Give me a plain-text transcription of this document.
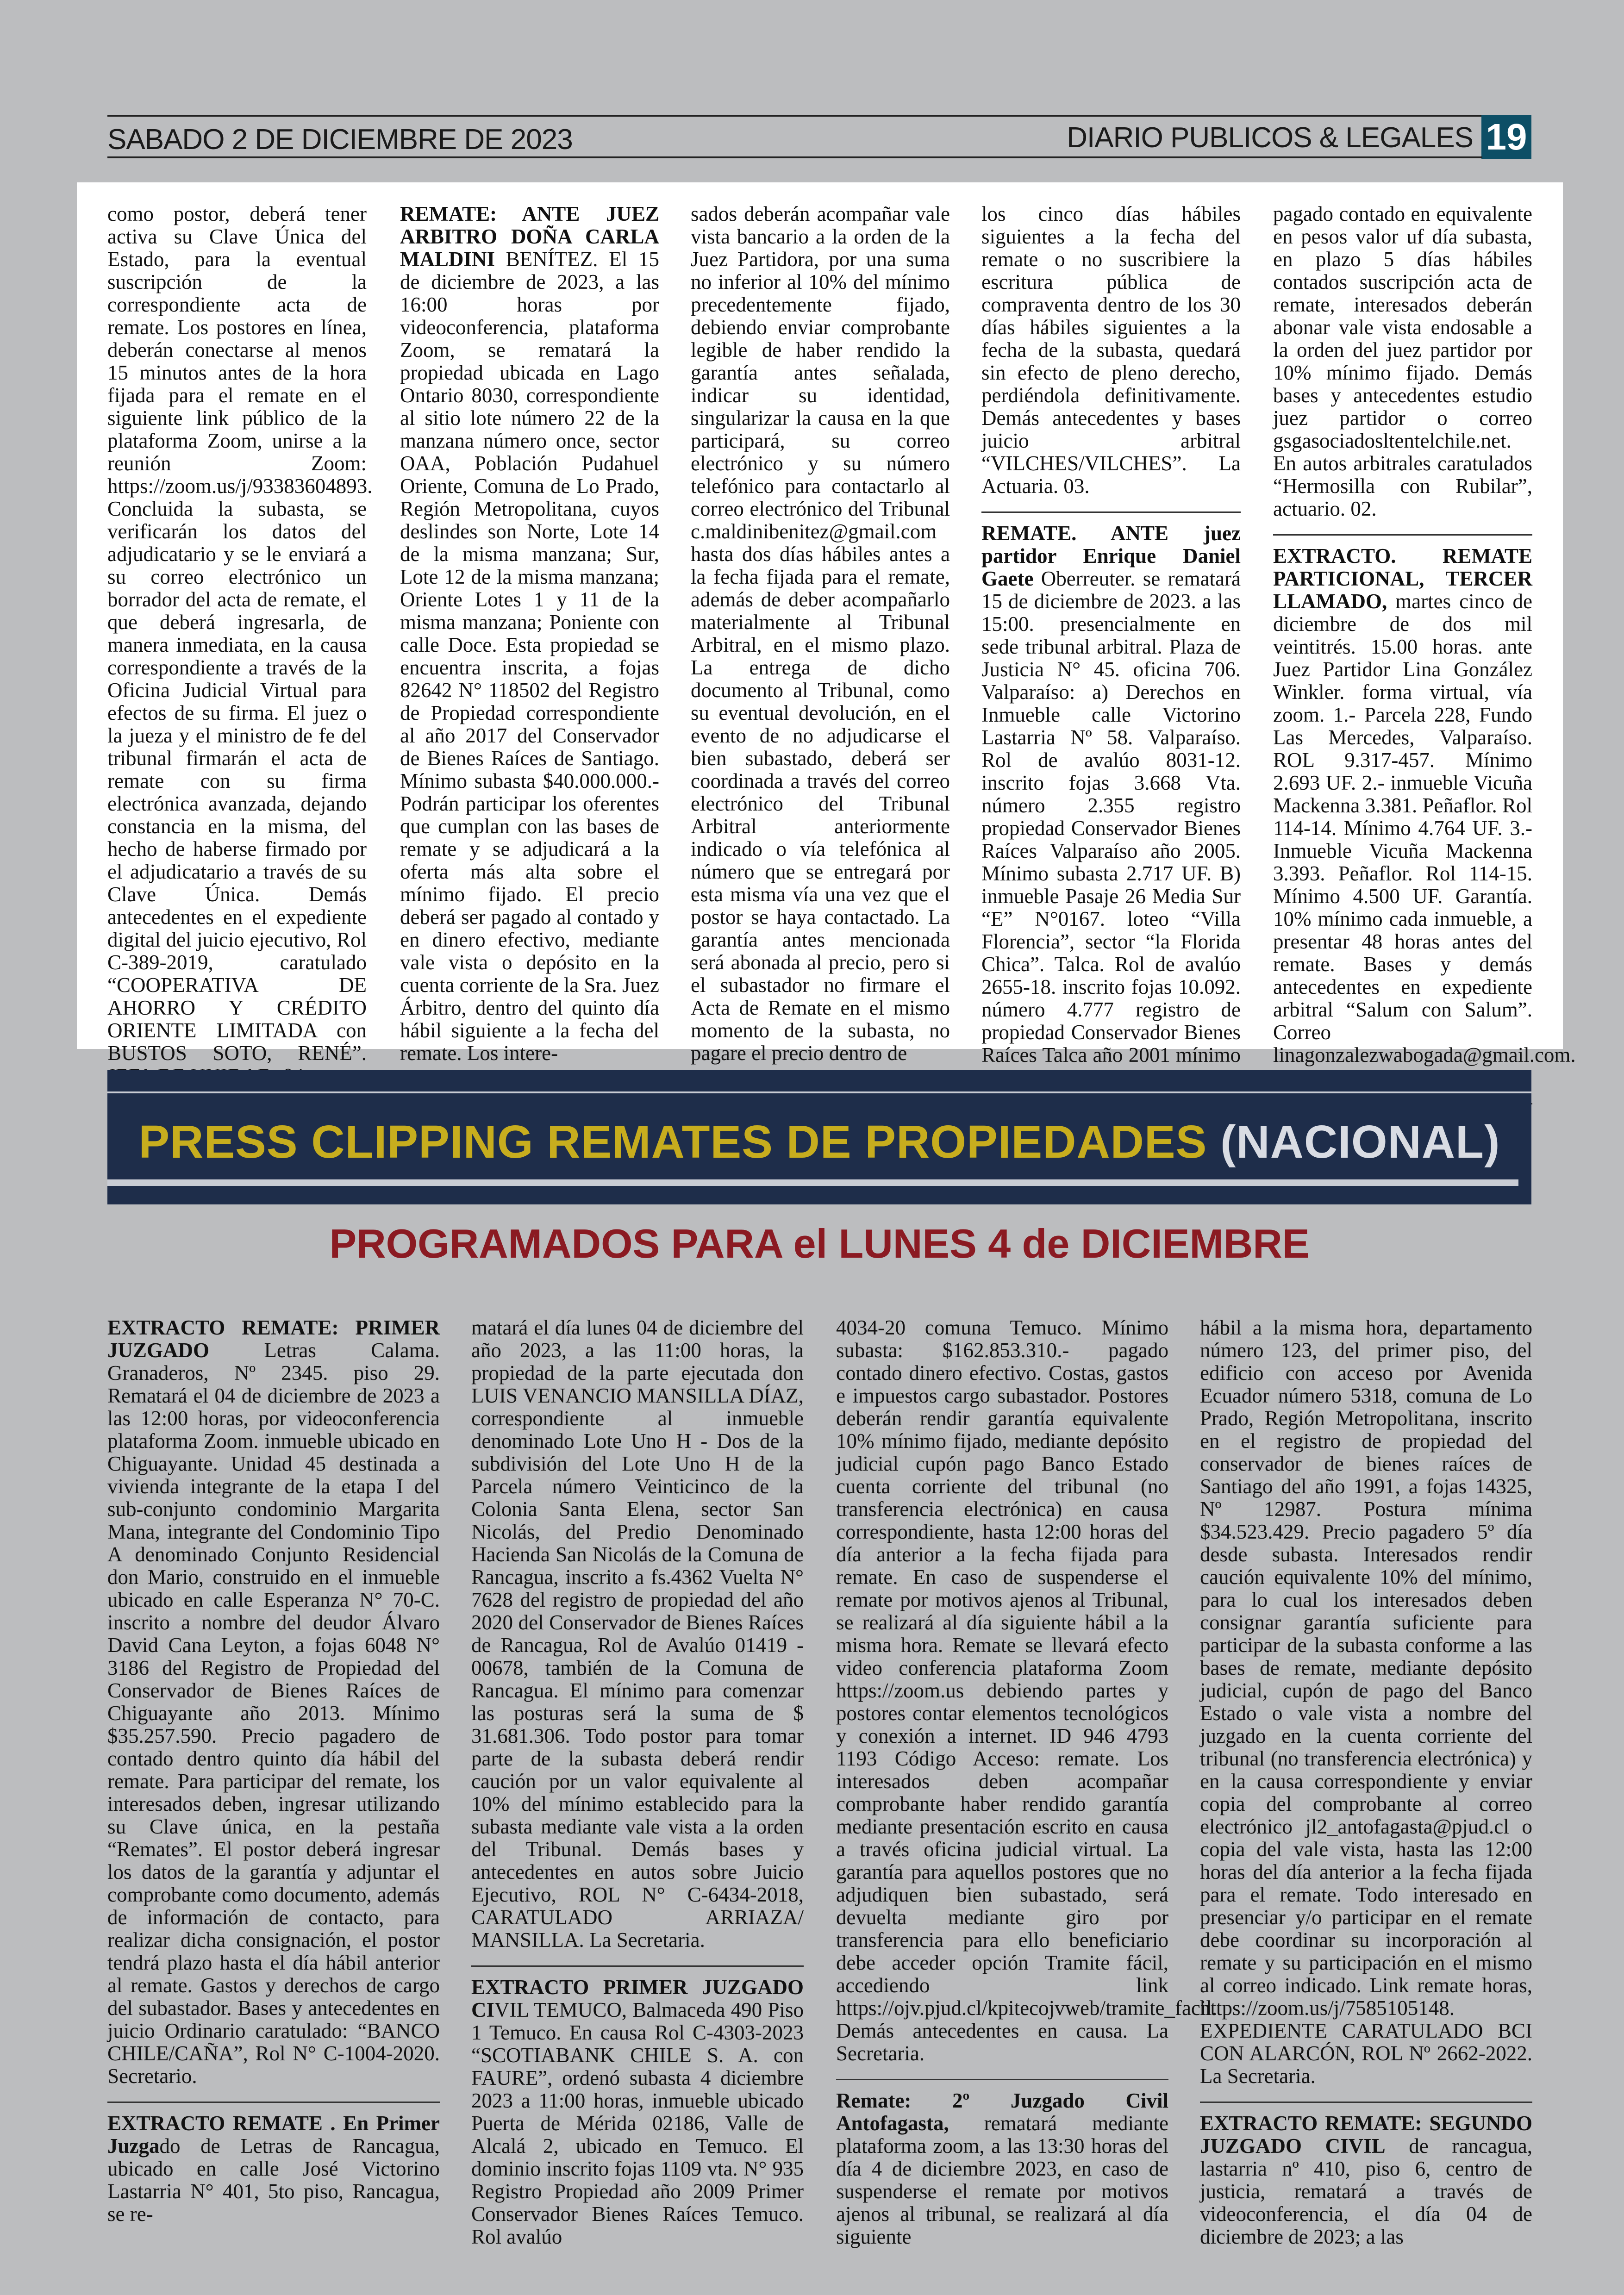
SABADO 2 DE DICIEMBRE DE 2023	DIARIO PUBLICOS & LEGALES 19

como postor, deberá tener activa su Clave Única del Estado, para la eventual suscripción de la correspondiente acta de remate. Los postores en línea, deberán conectarse al menos 15 minutos antes de la hora fijada para el remate en el siguiente link público de la plataforma Zoom, unirse a la reunión Zoom: https://zoom.us/j/93383604893. Concluida la subasta, se verificarán los datos del adjudicatario y se le enviará a su correo electrónico un borrador del acta de remate, el que deberá ingresarla, de manera inmediata, en la causa correspondiente a través de la Oficina Judicial Virtual para efectos de su firma. El juez o la jueza y el ministro de fe del tribunal firmarán el acta de remate con su firma electrónica avanzada, dejando constancia en la misma, del hecho de haberse firmado por el adjudicatario a través de su Clave Única. Demás antecedentes en el expediente digital del juicio ejecutivo, Rol C-389-2019, caratulado “COOPERATIVA DE AHORRO Y CRÉDITO ORIENTE LIMITADA con BUSTOS SOTO, RENÉ”.

REMATE: ANTE JUEZ ARBITRO DOÑA CARLA MALDINI BENÍTEZ. El 15 de diciembre de 2023, a las 16:00 horas por videoconferencia, plataforma Zoom, se rematará la propiedad ubicada en Lago Ontario 8030, correspondiente al sitio lote número 22 de la manzana número once, sector OAA, Población Pudahuel Oriente, Comuna de Lo Prado, Región Metropolitana, cuyos deslindes son Norte, Lote 14 de la misma manzana; Sur, Lote 12 de la misma manzana; Oriente Lotes 1 y 11 de la misma manzana; Poniente con calle Doce. Esta propiedad se encuentra inscrita, a fojas 82642 N° 118502 del Registro de Propiedad correspondiente al año 2017 del Conservador de Bienes Raíces de Santiago. Mínimo subasta $40.000.000.- Podrán participar los oferentes que cumplan con las bases de remate y se adjudicará a la oferta más alta sobre el mínimo fijado. El precio deberá ser pagado al contado y en dinero efectivo, mediante vale vista o depósito en la cuenta corriente de la Sra. Juez Árbitro, dentro del quinto día hábil siguiente a la fecha del remate. Los intere-

sados deberán acompañar vale vista bancario a la orden de la Juez Partidora, por una suma no inferior al 10% del mínimo precedentemente fijado, debiendo enviar comprobante legible de haber rendido la garantía antes señalada, indicar su identidad, singularizar la causa en la que participará, su correo electrónico y su número telefónico para contactarlo al correo electrónico del Tribunal c.maldinibenitez@gmail.com hasta dos días hábiles antes a la fecha fijada para el remate, además de deber acompañarlo materialmente al Tribunal Arbitral, en el mismo plazo. La entrega de dicho documento al Tribunal, como su eventual devolución, en el evento de no adjudicarse el bien subastado, deberá ser coordinada a través del correo electrónico del Tribunal Arbitral anteriormente indicado o vía telefónica al número que se entregará por esta misma vía una vez que el postor se haya contactado. La garantía antes mencionada será abonada al precio, pero si el subastador no firmare el Acta de Remate en el mismo momento de la subasta, no pagare el precio dentro de

los cinco días hábiles siguientes a la fecha del remate o no suscribiere la escritura pública de compraventa dentro de los 30 días hábiles siguientes a la fecha de la subasta, quedará sin efecto de pleno derecho, perdiéndola definitivamente. Demás antecedentes y bases juicio arbitral “VILCHES/VILCHES”. La Actuaria. 03.

REMATE. ANTE juez partidor Enrique Daniel Gaete Oberreuter. se rematará 15 de diciembre de 2023. a las 15:00. presencialmente en sede tribunal arbitral. Plaza de Justicia N° 45. oficina 706. Valparaíso: a) Derechos en Inmueble calle Victorino Lastarria Nº 58. Valparaíso. Rol de avalúo 8031-12. inscrito fojas 3.668 Vta. número 2.355 registro propiedad Conservador Bienes Raíces Valparaíso año 2005. Mínimo subasta 2.717 UF. B) inmueble Pasaje 26 Media Sur “E” N°0167. loteo “Villa Florencia”, sector “la Florida Chica”. Talca. Rol de avalúo 2655-18. inscrito fojas 10.092. número 4.777 registro de propiedad Conservador Bienes Raíces Talca año 2001 mínimo

pagado contado en equivalente en pesos valor uf día subasta, en plazo 5 días hábiles contados suscripción acta de remate, interesados deberán abonar vale vista endosable a la orden del juez partidor por 10% mínimo fijado. Demás bases y antecedentes estudio juez partidor o correo gsgasociadosltentelchile.net. En autos arbitrales caratulados “Hermosilla con Rubilar”, actuario. 02.

EXTRACTO. REMATE PARTICIONAL, TERCER LLAMADO, martes cinco de diciembre de dos mil veintitrés. 15.00 horas. ante Juez Partidor Lina González Winkler. forma virtual, vía zoom. 1.- Parcela 228, Fundo Las Mercedes, Valparaíso. ROL 9.317-457. Mínimo 2.693 UF. 2.- inmueble Vicuña Mackenna 3.381. Peñaflor. Rol 114-14. Mínimo 4.764 UF. 3.- Inmueble Vicuña Mackenna 3.393. Peñaflor. Rol 114-15. Mínimo 4.500 UF. Garantía. 10% mínimo cada inmueble, a presentar 48 horas antes del remate. Bases y demás antecedentes en expediente arbitral “Salum con Salum”. Correo linagonzalezwabogada@gmail.com.

PRESS CLIPPING REMATES DE PROPIEDADES (NACIONAL)
PROGRAMADOS PARA el LUNES 4 de DICIEMBRE

EXTRACTO REMATE: PRIMER JUZGADO Letras Calama. Granaderos, Nº 2345. piso 29. Rematará el 04 de diciembre de 2023 a las 12:00 horas, por videoconferencia plataforma Zoom. inmueble ubicado en Chiguayante. Unidad 45 destinada a vivienda integrante de la etapa I del sub-conjunto condominio Margarita Mana, integrante del Condominio Tipo A denominado Conjunto Residencial don Mario, construido en el inmueble ubicado en calle Esperanza N° 70-C. inscrito a nombre del deudor Álvaro David Cana Leyton, a fojas 6048 N° 3186 del Registro de Propiedad del Conservador de Bienes Raíces de Chiguayante año 2013. Mínimo $35.257.590. Precio pagadero de contado dentro quinto día hábil del remate. Para participar del remate, los interesados deben, ingresar utilizando su Clave única, en la pestaña “Remates”. El postor deberá ingresar los datos de la garantía y adjuntar el comprobante como documento, además de información de contacto, para realizar dicha consignación, el postor tendrá plazo hasta el día hábil anterior al remate. Gastos y derechos de cargo del subastador. Bases y antecedentes en juicio Ordinario caratulado: “BANCO CHILE/CAÑA”, Rol N° C-1004-2020. Secretario.

EXTRACTO REMATE . En Primer Juzgado de Letras de Rancagua, ubicado en calle José Victorino Lastarria N° 401, 5to piso, Rancagua, se re-

matará el día lunes 04 de diciembre del año 2023, a las 11:00 horas, la propiedad de la parte ejecutada don LUIS VENANCIO MANSILLA DÍAZ, correspondiente al inmueble denominado Lote Uno H - Dos de la subdivisión del Lote Uno H de la Parcela número Veinticinco de la Colonia Santa Elena, sector San Nicolás, del Predio Denominado Hacienda San Nicolás de la Comuna de Rancagua, inscrito a fs.4362 Vuelta N° 7628 del registro de propiedad del año 2020 del Conservador de Bienes Raíces de Rancagua, Rol de Avalúo 01419 - 00678, también de la Comuna de Rancagua. El mínimo para comenzar las posturas será la suma de $ 31.681.306. Todo postor para tomar parte de la subasta deberá rendir caución por un valor equivalente al 10% del mínimo establecido para la subasta mediante vale vista a la orden del Tribunal. Demás bases y antecedentes en autos sobre Juicio Ejecutivo, ROL N° C-6434-2018, CARATULADO ARRIAZA/ MANSILLA. La Secretaria.

EXTRACTO PRIMER JUZGADO CIVIL TEMUCO, Balmaceda 490 Piso 1 Temuco. En causa Rol C-4303-2023 “SCOTIABANK CHILE S. A. con FAURE”, ordenó subasta 4 diciembre 2023 a 11:00 horas, inmueble ubicado Puerta de Mérida 02186, Valle de Alcalá 2, ubicado en Temuco. El dominio inscrito fojas 1109 vta. N° 935 Registro Propiedad año 2009 Primer Conservador Bienes Raíces Temuco. Rol avalúo

4034-20 comuna Temuco. Mínimo subasta: $162.853.310.- pagado contado dinero efectivo. Costas, gastos e impuestos cargo subastador. Postores deberán rendir garantía equivalente 10% mínimo fijado, mediante depósito judicial cupón pago Banco Estado cuenta corriente del tribunal (no transferencia electrónica) en causa correspondiente, hasta 12:00 horas del día anterior a la fecha fijada para remate. En caso de suspenderse el remate por motivos ajenos al Tribunal, se realizará al día siguiente hábil a la misma hora. Remate se llevará efecto video conferencia plataforma Zoom https://zoom.us debiendo partes y postores contar elementos tecnológicos y conexión a internet. ID 946 4793 1193 Código Acceso: remate. Los interesados deben acompañar comprobante haber rendido garantía mediante presentación escrito en causa a través oficina judicial virtual. La garantía para aquellos postores que no adjudiquen bien subastado, será devuelta mediante giro por transferencia para ello beneficiario debe acceder opción Tramite fácil, accediendo link https://ojv.pjud.cl/kpitecojvweb/tramite_facil. Demás antecedentes en causa. La Secretaria.

Remate: 2º Juzgado Civil Antofagasta, rematará mediante plataforma zoom, a las 13:30 horas del día 4 de diciembre 2023, en caso de suspenderse el remate por motivos ajenos al tribunal, se realizará al día siguiente

hábil a la misma hora, departamento número 123, del primer piso, del edificio con acceso por Avenida Ecuador número 5318, comuna de Lo Prado, Región Metropolitana, inscrito en el registro de propiedad del conservador de bienes raíces de Santiago del año 1991, a fojas 14325, Nº 12987. Postura mínima $34.523.429. Precio pagadero 5º día desde subasta. Interesados rendir caución equivalente 10% del mínimo, para lo cual los interesados deben consignar garantía suficiente para participar de la subasta conforme a las bases de remate, mediante depósito judicial, cupón de pago del Banco Estado o vale vista a nombre del juzgado en la cuenta corriente del tribunal (no transferencia electrónica) y en la causa correspondiente y enviar copia del comprobante al correo electrónico jl2_antofagasta@pjud.cl o copia del vale vista, hasta las 12:00 horas del día anterior a la fecha fijada para el remate. Todo interesado en presenciar y/o participar en el remate debe coordinar su incorporación al remate y su participación en el mismo al correo indicado. Link remate horas, https://zoom.us/j/7585105148. EXPEDIENTE CARATULADO BCI CON ALARCÓN, ROL Nº 2662-2022. La Secretaria.

EXTRACTO REMATE: SEGUNDO JUZGADO CIVIL de rancagua, lastarria nº 410, piso 6, centro de justicia, rematará a través de videoconferencia, el día 04 de diciembre de 2023; a las
